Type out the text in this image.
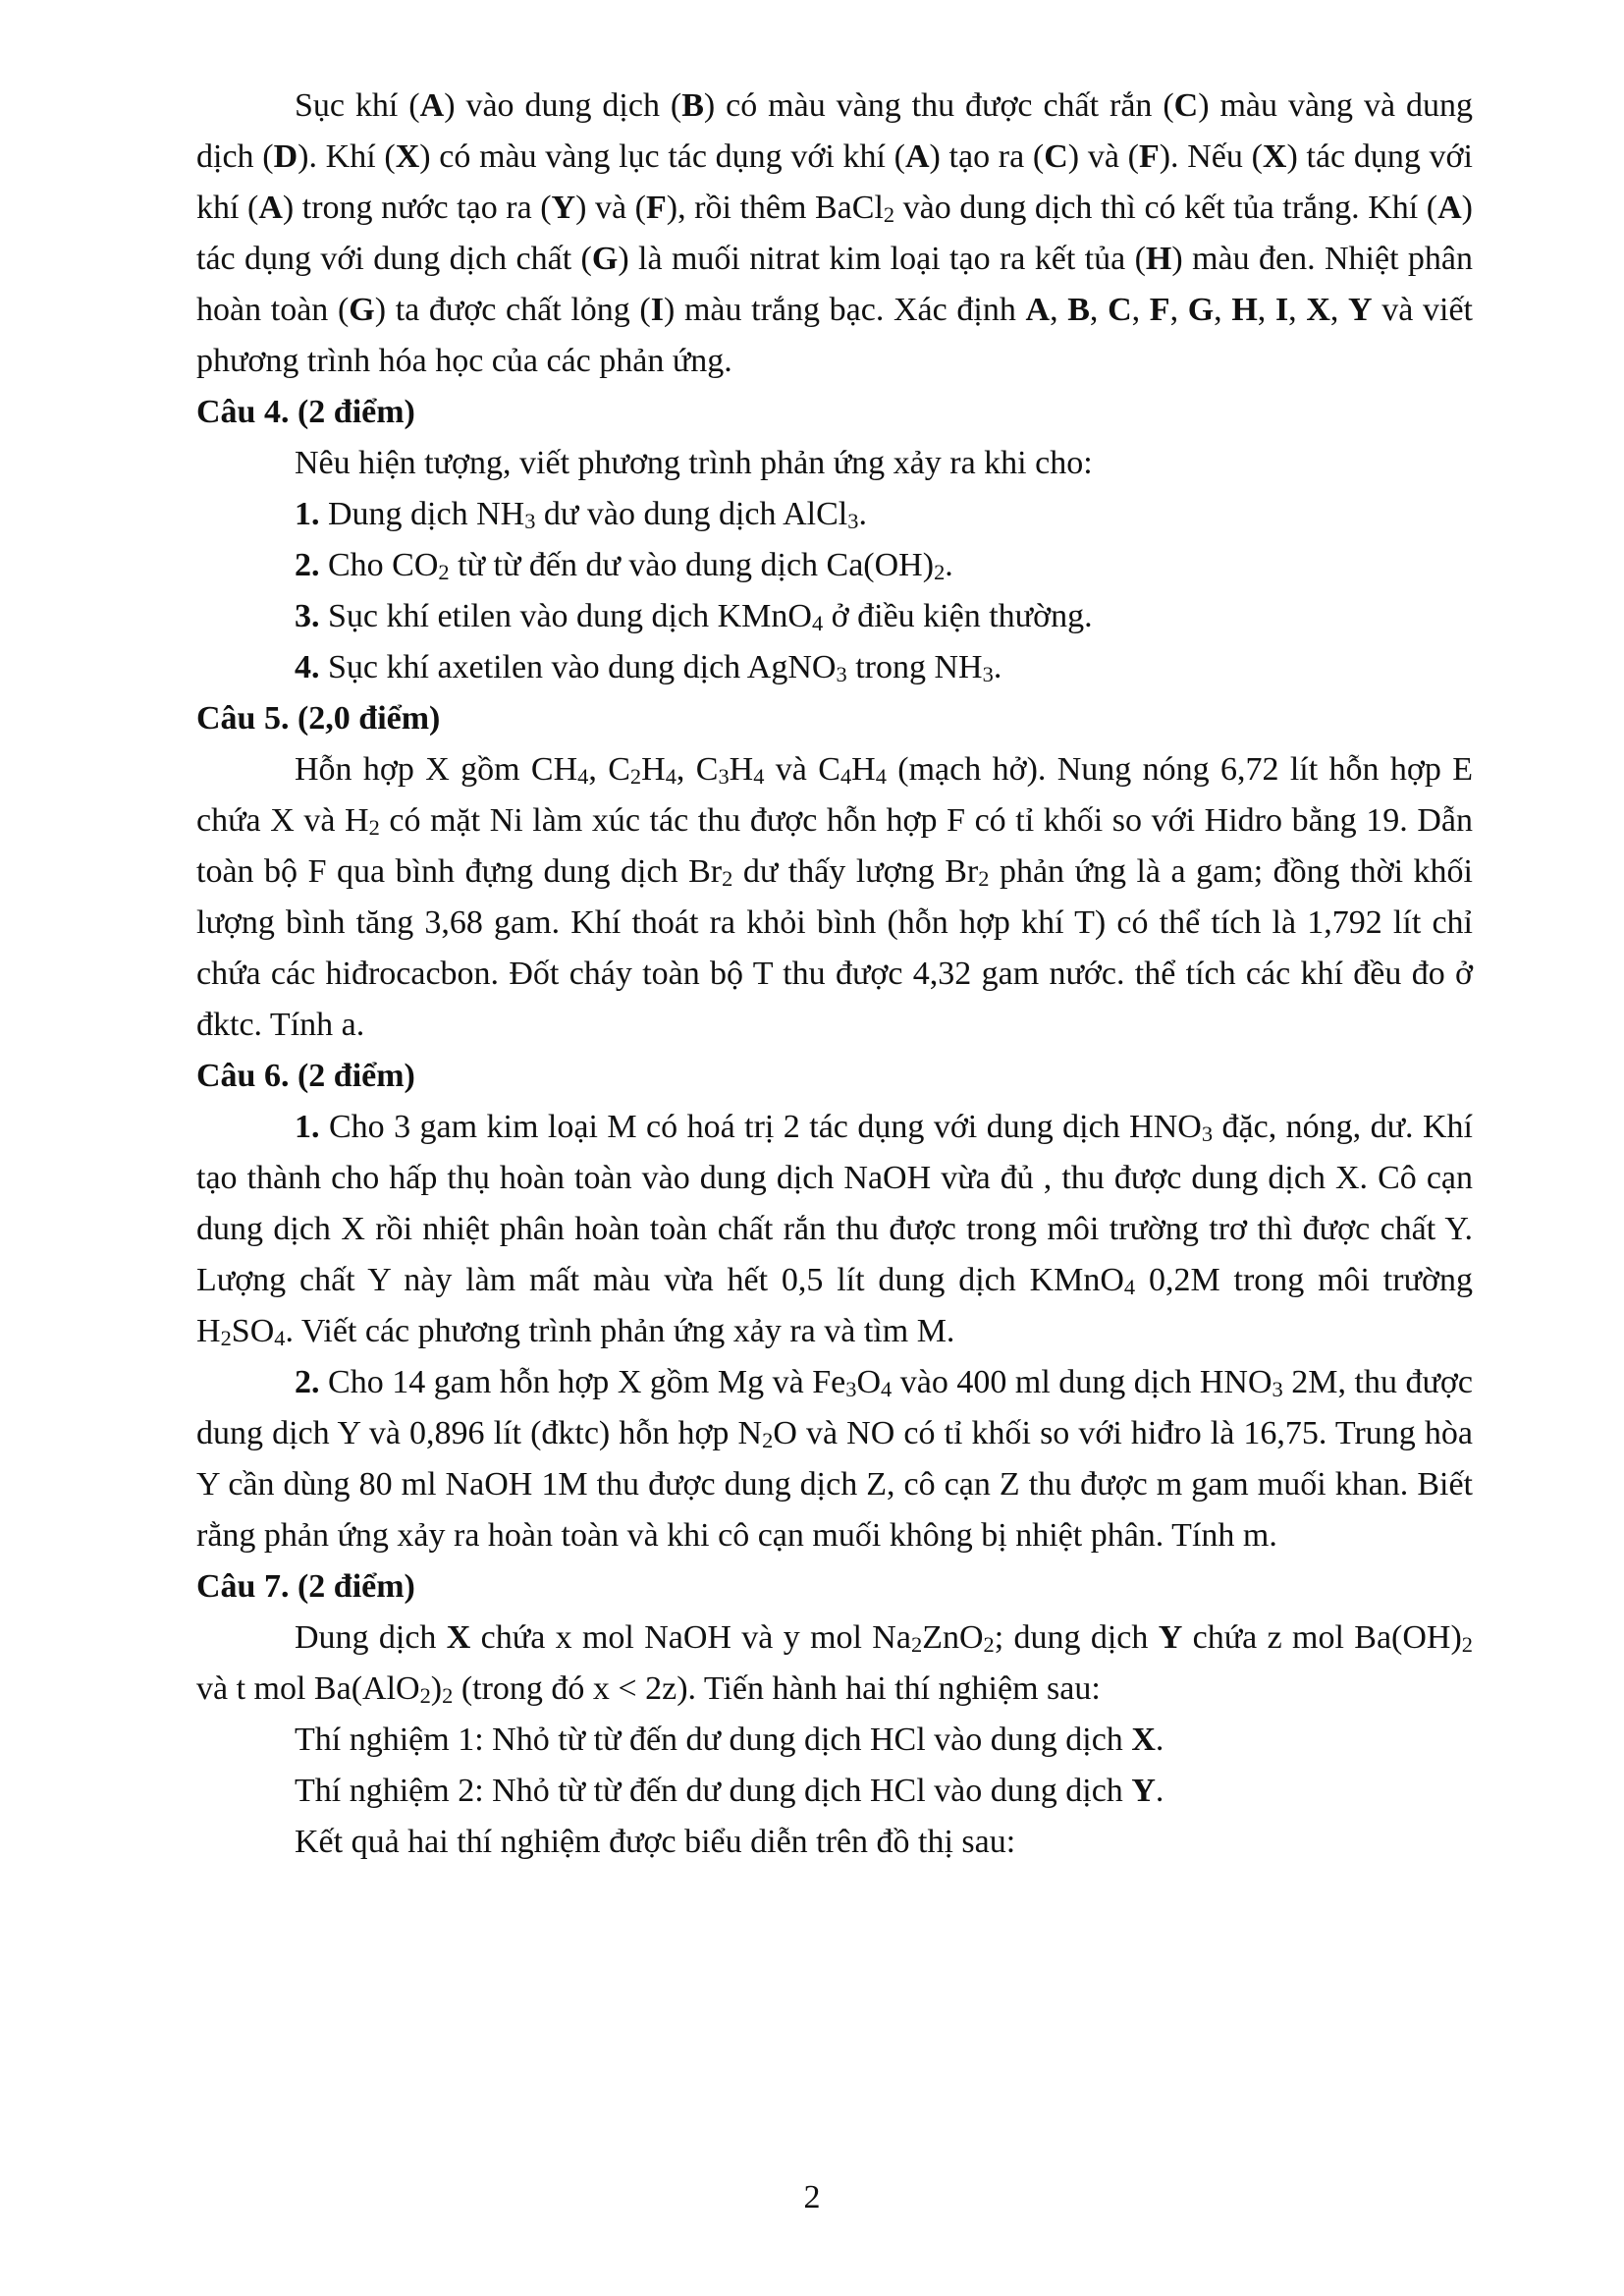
Sục khí (A) vào dung dịch (B) có màu vàng thu được chất rắn (C) màu vàng và dung dịch (D). Khí (X) có màu vàng lục tác dụng với khí (A) tạo ra (C) và (F). Nếu (X) tác dụng với khí (A) trong nước tạo ra (Y) và (F), rồi thêm BaCl$_2$ vào dung dịch thì có kết tủa trắng. Khí (A) tác dụng với dung dịch chất (G) là muối nitrat kim loại tạo ra kết tủa (H) màu đen. Nhiệt phân hoàn toàn (G) ta được chất lỏng (I) màu trắng bạc. Xác định A, B, C, F, G, H, I, X, Y và viết phương trình hóa học của các phản ứng.

Câu 4. (2 điểm)

Nêu hiện tượng, viết phương trình phản ứng xảy ra khi cho:

1. Dung dịch $NH_3$ dư vào dung dịch AlCl$_3$.

2. Cho $CO_2$ từ từ đến dư vào dung dịch $Ca(OH)_2$.

3. Sục khí etilen vào dung dịch KMnO$_4$ ở điều kiện thường.

4. Sục khí axetilen vào dung dịch AgNO$_3$ trong $NH_3$.

Câu 5. (2,0 điểm)

Hỗn hợp X gồm $CH_4$, $C_2H_4$, $C_3H_4$ và $C_4H_4$ (mạch hở). Nung nóng 6,72 lít hỗn hợp E chứa X và $H_2$ có mặt Ni làm xúc tác thu được hỗn hợp F có tỉ khối so với Hidro bằng 19. Dẫn toàn bộ F qua bình đựng dung dịch $Br_2$ dư thấy lượng $Br_2$ phản ứng là a gam; đồng thời khối lượng bình tăng 3,68 gam. Khí thoát ra khỏi bình (hỗn hợp khí T) có thể tích là 1,792 lít chỉ chứa các hiđrocacbon. Đốt cháy toàn bộ T thu được 4,32 gam nước. thể tích các khí đều đo ở đktc. Tính a.

Câu 6. (2 điểm)

1. Cho 3 gam kim loại M có hoá trị 2 tác dụng với dung dịch $HNO_3$ đặc, nóng, dư. Khí tạo thành cho hấp thụ hoàn toàn vào dung dịch NaOH vừa đủ , thu được dung dịch X. Cô cạn dung dịch X rồi nhiệt phân hoàn toàn chất rắn thu được trong môi trường trơ thì được chất Y. Lượng chất Y này làm mất màu vừa hết 0,5 lít dung dịch KMnO$_4$ 0,2M trong môi trường $H_2SO_4$. Viết các phương trình phản ứng xảy ra và tìm M.

2. Cho 14 gam hỗn hợp X gồm Mg và $Fe_3O_4$ vào 400 ml dung dịch $HNO_3$ 2M, thu được dung dịch Y và 0,896 lít (đktc) hỗn hợp $N_2O$ và NO có tỉ khối so với hiđro là 16,75. Trung hòa Y cần dùng 80 ml NaOH 1M thu được dung dịch Z, cô cạn Z thu được m gam muối khan. Biết rằng phản ứng xảy ra hoàn toàn và khi cô cạn muối không bị nhiệt phân. Tính m.

Câu 7. (2 điểm)

Dung dịch X chứa x mol NaOH và y mol $Na_2ZnO_2$; dung dịch Y chứa z mol $Ba(OH)_2$ và t mol $Ba(AlO_2)_2$ (trong đó x < 2z). Tiến hành hai thí nghiệm sau:

Thí nghiệm 1: Nhỏ từ từ đến dư dung dịch HCl vào dung dịch X.

Thí nghiệm 2: Nhỏ từ từ đến dư dung dịch HCl vào dung dịch Y.

Kết quả hai thí nghiệm được biểu diễn trên đồ thị sau:

2
